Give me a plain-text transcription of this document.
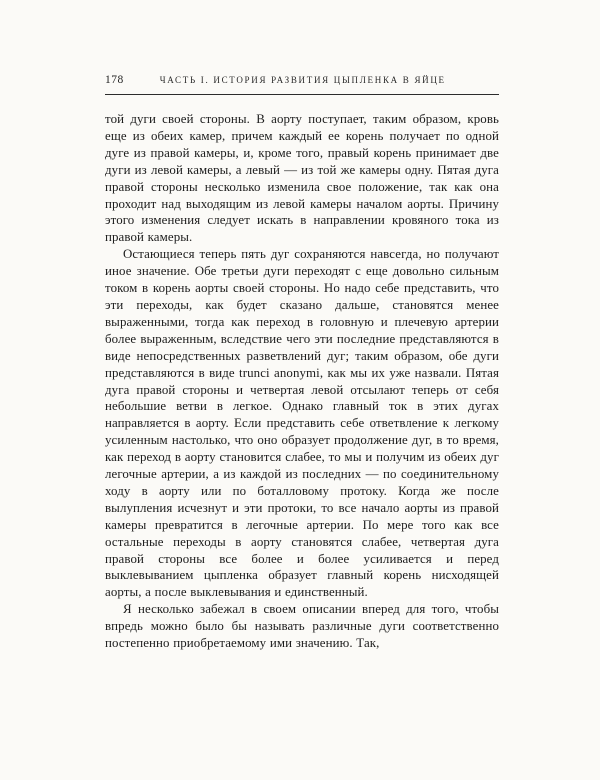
178	ЧАСТЬ I. ИСТОРИЯ РАЗВИТИЯ ЦЫПЛЕНКА В ЯЙЦЕ

той дуги своей стороны. В аорту поступает, таким образом, кровь еще из обеих камер, причем каждый ее корень получает по одной дуге из правой камеры, и, кроме того, правый корень принимает две дуги из левой камеры, а левый — из той же камеры одну. Пятая дуга правой стороны несколько изменила свое положение, так как она проходит над выходящим из левой камеры началом аорты. Причину этого изменения следует искать в направлении кровяного тока из правой камеры.

Остающиеся теперь пять дуг сохраняются навсегда, но получают иное значение. Обе третьи дуги переходят с еще довольно сильным током в корень аорты своей стороны. Но надо себе представить, что эти переходы, как будет сказано дальше, становятся менее выраженными, тогда как переход в головную и плечевую артерии более выраженным, вследствие чего эти последние представляются в виде непосредственных разветвлений дуг; таким образом, обе дуги представляются в виде trunci anonymi, как мы их уже назвали. Пятая дуга правой стороны и четвертая левой отсылают теперь от себя небольшие ветви в легкое. Однако главный ток в этих дугах направляется в аорту. Если представить себе ответвление к легкому усиленным настолько, что оно образует продолжение дуг, в то время, как переход в аорту становится слабее, то мы и получим из обеих дуг легочные артерии, а из каждой из последних — по соединительному ходу в аорту или по боталловому протоку. Когда же после вылупления исчезнут и эти протоки, то все начало аорты из правой камеры превратится в легочные артерии. По мере того как все остальные переходы в аорту становятся слабее, четвертая дуга правой стороны все более и более усиливается и перед выклевыванием цыпленка образует главный корень нисходящей аорты, а после выклевывания и единственный.

Я несколько забежал в своем описании вперед для того, чтобы впредь можно было бы называть различные дуги соответственно постепенно приобретаемому ими значению. Так,
